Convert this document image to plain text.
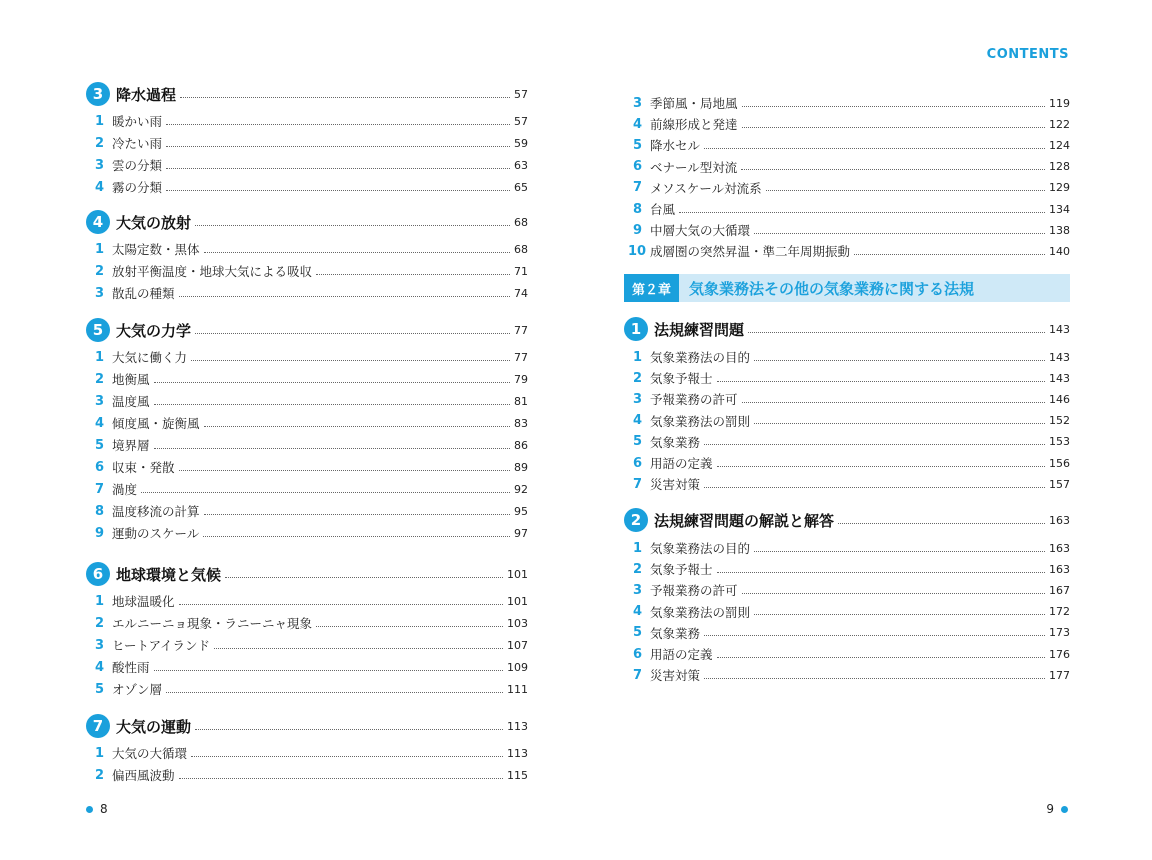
CONTENTS
3 降水過程	57
1 暖かい雨	57
2 冷たい雨	59
3 雲の分類	63
4 霧の分類	65
4 大気の放射	68
1 太陽定数・黒体	68
2 放射平衡温度・地球大気による吸収	71
3 散乱の種類	74
5 大気の力学	77
1 大気に働く力	77
2 地衡風	79
3 温度風	81
4 傾度風・旋衡風	83
5 境界層	86
6 収束・発散	89
7 渦度	92
8 温度移流の計算	95
9 運動のスケール	97
6 地球環境と気候	101
1 地球温暖化	101
2 エルニーニョ現象・ラニーニャ現象	103
3 ヒートアイランド	107
4 酸性雨	109
5 オゾン層	111
7 大気の運動	113
1 大気の大循環	113
2 偏西風波動	115
3 季節風・局地風	119
4 前線形成と発達	122
5 降水セル	124
6 ベナール型対流	128
7 メソスケール対流系	129
8 台風	134
9 中層大気の大循環	138
10 成層圏の突然昇温・準二年周期振動	140
第２章	気象業務法その他の気象業務に関する法規
1 法規練習問題	143
1 気象業務法の目的	143
2 気象予報士	143
3 予報業務の許可	146
4 気象業務法の罰則	152
5 気象業務	153
6 用語の定義	156
7 災害対策	157
2 法規練習問題の解説と解答	163
1 気象業務法の目的	163
2 気象予報士	163
3 予報業務の許可	167
4 気象業務法の罰則	172
5 気象業務	173
6 用語の定義	176
7 災害対策	177
8	9
